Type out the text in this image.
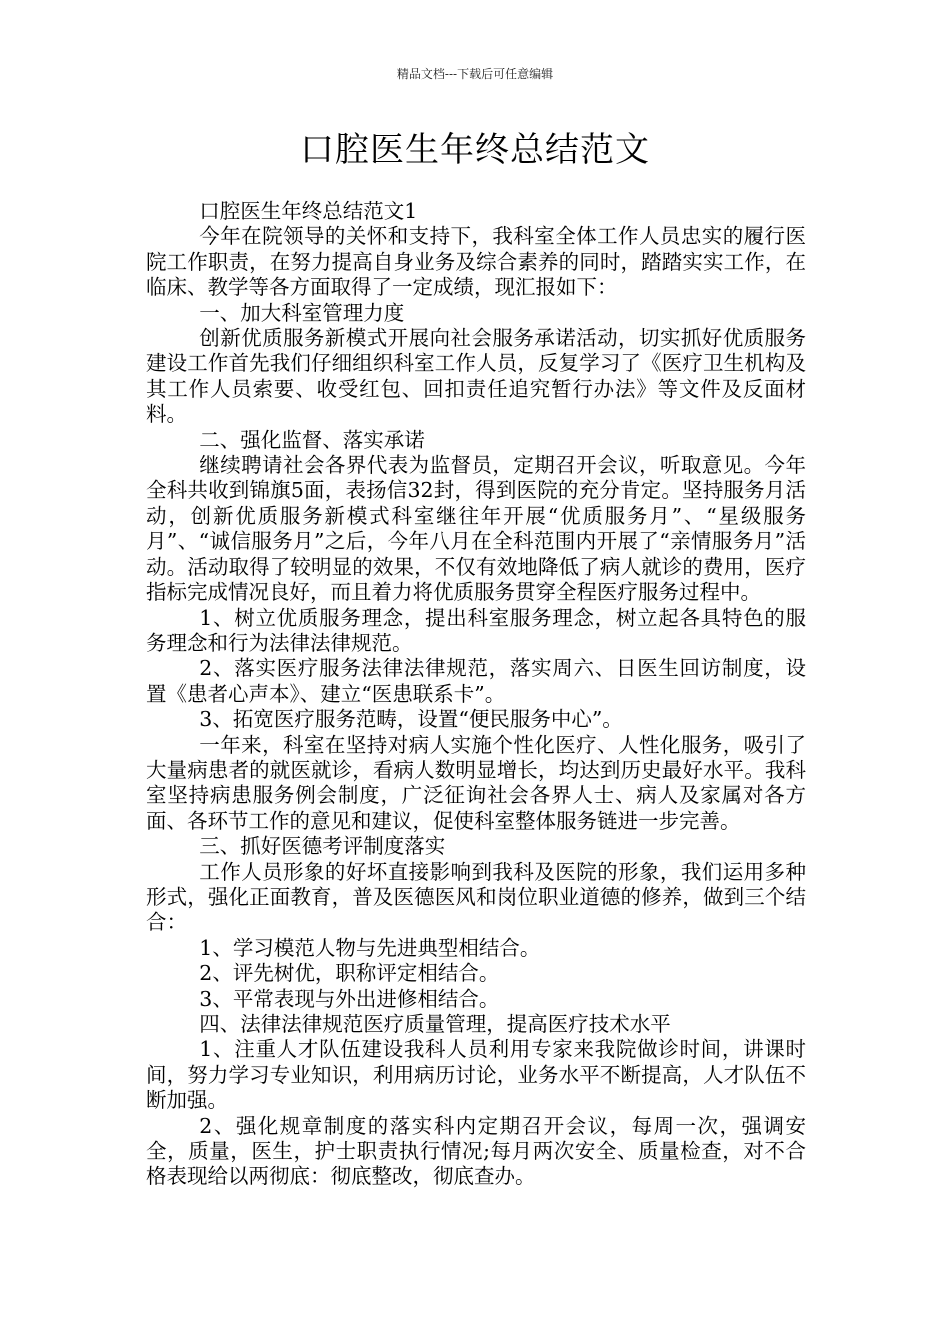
精品文档---下载后可任意编辑
口腔医生年终总结范文

口腔医生年终总结范文1

今年在院领导的关怀和支持下，我科室全体工作人员忠实的履行医院工作职责，在努力提高自身业务及综合素养的同时，踏踏实实工作，在临床、教学等各方面取得了一定成绩，现汇报如下：

一、加大科室管理力度

创新优质服务新模式开展向社会服务承诺活动，切实抓好优质服务建设工作首先我们仔细组织科室工作人员，反复学习了《医疗卫生机构及其工作人员索要、收受红包、回扣责任追究暂行办法》等文件及反面材料。

二、强化监督、落实承诺

继续聘请社会各界代表为监督员，定期召开会议，听取意见。今年全科共收到锦旗5面，表扬信32封，得到医院的充分肯定。坚持服务月活动，创新优质服务新模式科室继往年开展“优质服务月”、“星级服务月”、“诚信服务月”之后，今年八月在全科范围内开展了“亲情服务月”活动。活动取得了较明显的效果，不仅有效地降低了病人就诊的费用，医疗指标完成情况良好，而且着力将优质服务贯穿全程医疗服务过程中。

1、树立优质服务理念，提出科室服务理念，树立起各具特色的服务理念和行为法律法律规范。

2、落实医疗服务法律法律规范，落实周六、日医生回访制度，设置《患者心声本》、建立“医患联系卡”。

3、拓宽医疗服务范畴，设置“便民服务中心”。

一年来，科室在坚持对病人实施个性化医疗、人性化服务，吸引了大量病患者的就医就诊，看病人数明显增长，均达到历史最好水平。我科室坚持病患服务例会制度，广泛征询社会各界人士、病人及家属对各方面、各环节工作的意见和建议，促使科室整体服务链进一步完善。

三、抓好医德考评制度落实

工作人员形象的好坏直接影响到我科及医院的形象，我们运用多种形式，强化正面教育，普及医德医风和岗位职业道德的修养，做到三个结合：

1、学习模范人物与先进典型相结合。

2、评先树优，职称评定相结合。

3、平常表现与外出进修相结合。

四、法律法律规范医疗质量管理，提高医疗技术水平

1、注重人才队伍建设我科人员利用专家来我院做诊时间，讲课时间，努力学习专业知识，利用病历讨论，业务水平不断提高，人才队伍不断加强。

2、强化规章制度的落实科内定期召开会议，每周一次，强调安全，质量，医生，护士职责执行情况;每月两次安全、质量检查，对不合格表现给以两彻底：彻底整改，彻底查办。
